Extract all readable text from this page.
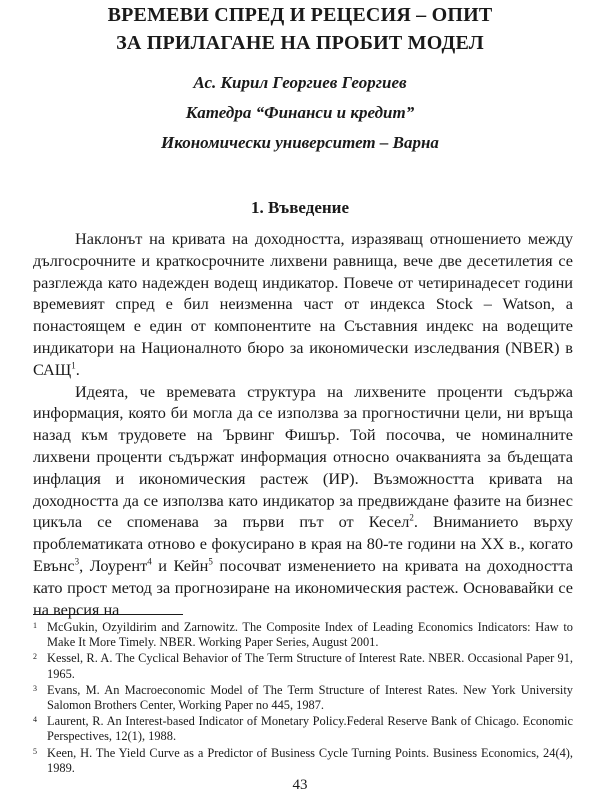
ВРЕМЕВИ СПРЕД И РЕЦЕСИЯ – ОПИТ
ЗА ПРИЛАГАНЕ НА ПРОБИТ МОДЕЛ
Ас. Кирил Георгиев Георгиев
Катедра “Финанси и кредит”
Икономически университет – Варна
1. Въведение

Наклонът на кривата на доходността, изразяващ отношението между дългосрочните и краткосрочните лихвени равнища, вече две десетилетия се разглежда като надежден водещ индикатор. Повече от четиринадесет години времевият спред е бил неизменна част от индекса Stock – Watson, а понастоящем е един от компонентите на Съставния индекс на водещите индикатори на Националното бюро за икономически изследвания (NBER) в САЩ$^1$.

Идеята, че времевата структура на лихвените проценти съдържа информация, която би могла да се използва за прогностични цели, ни връща назад към трудовете на Ървинг Фишър. Той посочва, че номиналните лихвени проценти съдържат информация относно очакванията за бъдещата инфлация и икономическия растеж (ИР). Възможността кривата на доходността да се използва като индикатор за предвиждане фазите на бизнес цикъла се споменава за първи път от Кесел$^2$. Вниманието върху проблематиката отново е фокусирано в края на 80-те години на XX в., когато Евънс$^3$, Лоурент$^4$ и Кейн$^5$ посочват изменението на кривата на доходността като прост метод за прогнозиране на икономическия растеж. Основавайки се на версия на

1 McGukin, Ozyildirim and Zarnowitz. The Composite Index of Leading Economics Indicators: Haw to Make It More Timely. NBER. Working Paper Series, August 2001.
2 Kessel, R. A. The Cyclical Behavior of The Term Structure of Interest Rate. NBER. Occasional Paper 91, 1965.
3 Evans, M. An Macroeconomic Model of The Term Structure of Interest Rates. New York University Salomon Brothers Center, Working Paper no 445, 1987.
4 Laurent, R. An Interest-based Indicator of Monetary Policy.Federal Reserve Bank of Chicago. Economic Perspectives, 12(1), 1988.
5 Keen, H. The Yield Curve as a Predictor of Business Cycle Turning Points. Business Economics, 24(4), 1989.
43
